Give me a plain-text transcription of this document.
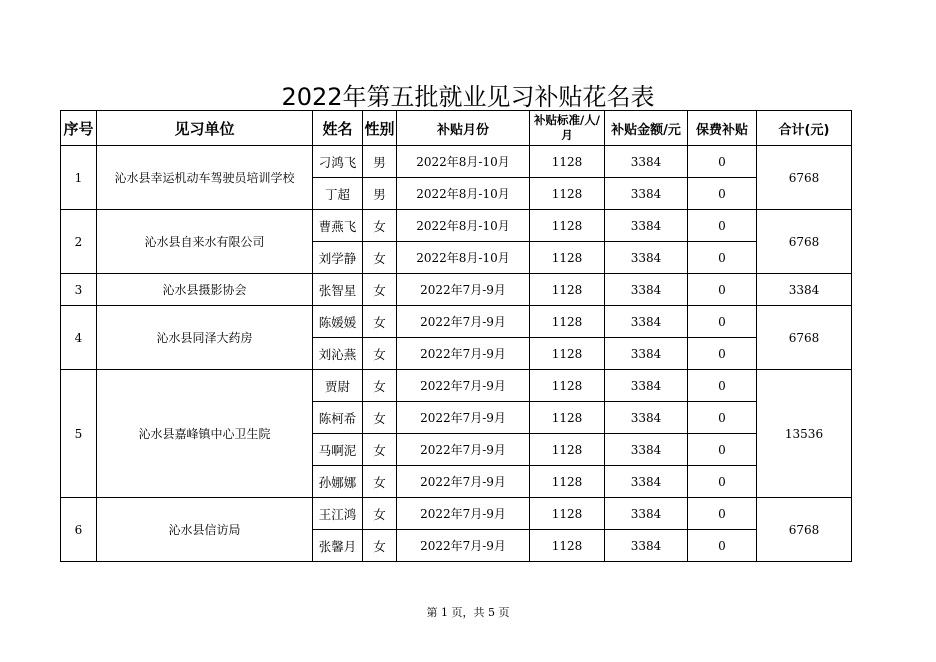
2022年第五批就业见习补贴花名表
序号	见习单位	姓名	性别	补贴月份	补贴标准/人/月	补贴金额/元	保费补贴	合计(元)
1	沁水县幸运机动车驾驶员培训学校	刁鸿飞	男	2022年8月-10月	1128	3384	0	6768
		丁超	男	2022年8月-10月	1128	3384	0	
2	沁水县自来水有限公司	曹燕飞	女	2022年8月-10月	1128	3384	0	6768
		刘学静	女	2022年8月-10月	1128	3384	0	
3	沁水县摄影协会	张智星	女	2022年7月-9月	1128	3384	0	3384
4	沁水县同泽大药房	陈媛媛	女	2022年7月-9月	1128	3384	0	6768
		刘沁燕	女	2022年7月-9月	1128	3384	0	
5	沁水县嘉峰镇中心卫生院	贾尉	女	2022年7月-9月	1128	3384	0	13536
		陈柯希	女	2022年7月-9月	1128	3384	0	
		马啊泥	女	2022年7月-9月	1128	3384	0	
		孙娜娜	女	2022年7月-9月	1128	3384	0	
6	沁水县信访局	王江鸿	女	2022年7月-9月	1128	3384	0	6768
		张馨月	女	2022年7月-9月	1128	3384	0	
第 1 页，共 5 页
